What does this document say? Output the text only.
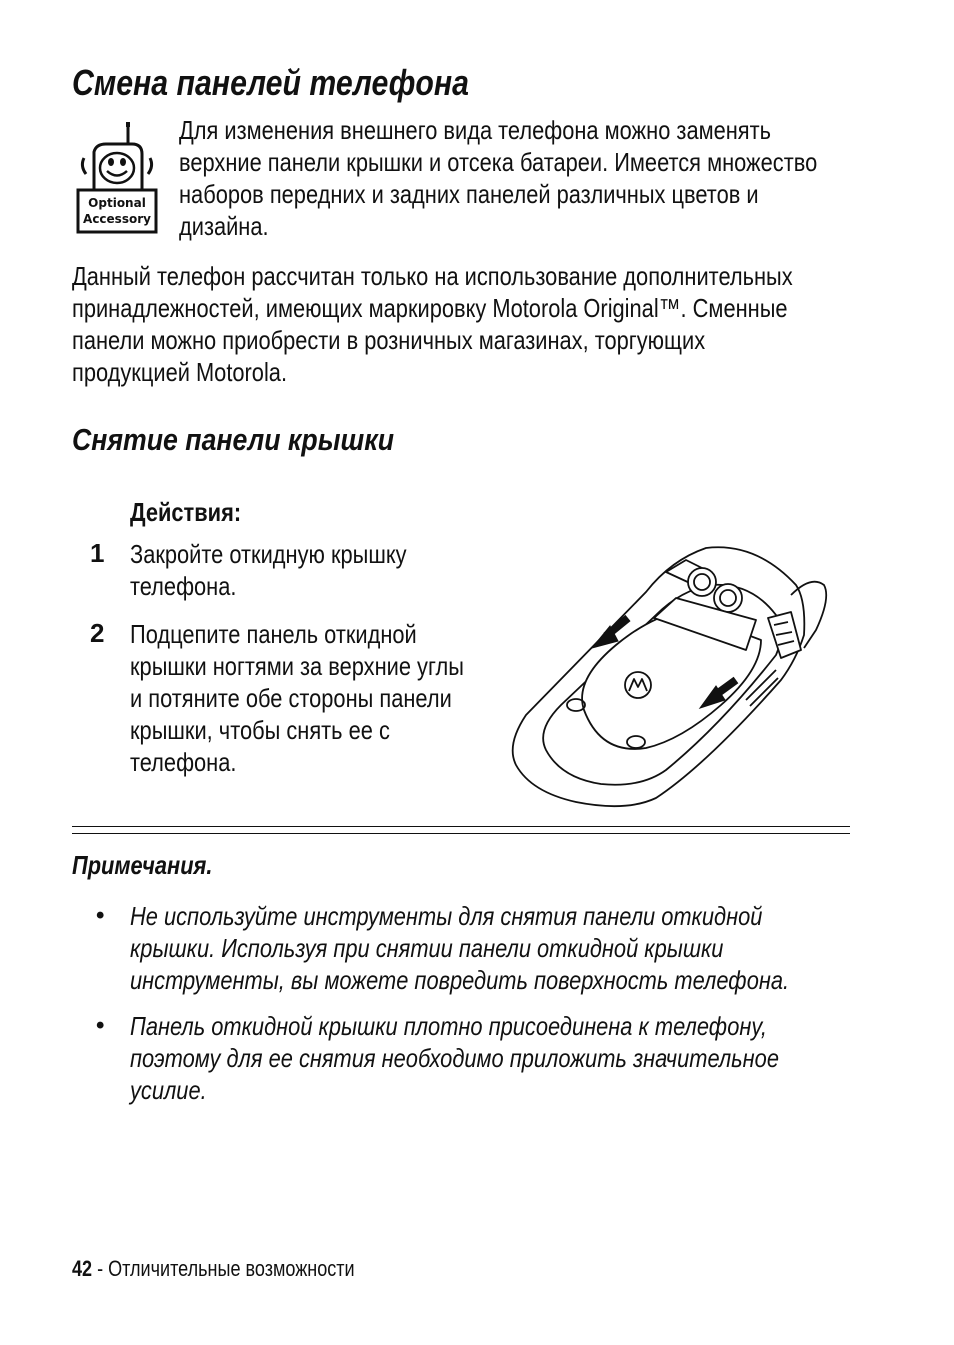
Смена панелей телефона
Optional
Accessory
Для изменения внешнего вида телефона можно заменять
верхние панели крышки и отсека батареи. Имеется множество
наборов передних и задних панелей различных цветов и
дизайна.
Данный телефон рассчитан только на использование дополнительных
принадлежностей, имеющих маркировку Motorola Original™. Сменные
панели можно приобрести в розничных магазинах, торгующих
продукцией Motorola.
Снятие панели крышки
Действия:
1 Закройте откидную крышку
телефона.
2 Подцепите панель откидной
крышки ногтями за верхние углы
и потяните обе стороны панели
крышки, чтобы снять ее с
телефона.
Примечания.
• Не используйте инструменты для снятия панели откидной
крышки. Используя при снятии панели откидной крышки
инструменты, вы можете повредить поверхность телефона.
• Панель откидной крышки плотно присоединена к телефону,
поэтому для ее снятия необходимо приложить значительное
усилие.
42 - Отличительные возможности
